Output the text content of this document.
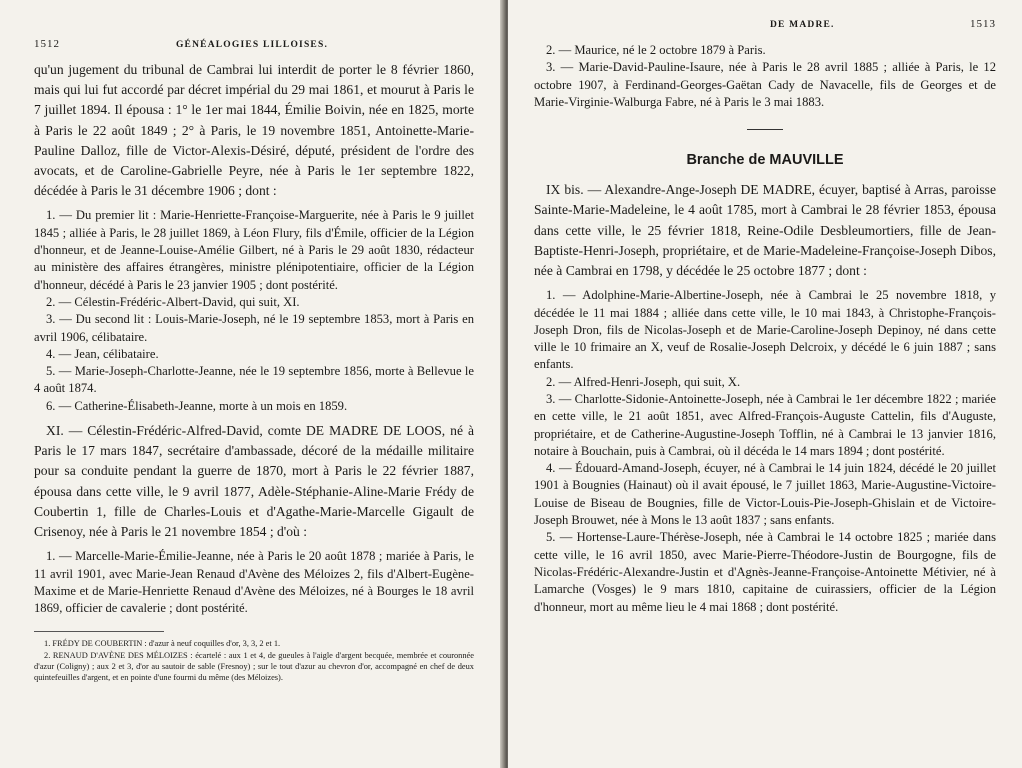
1512	GÉNÉALOGIES LILLOISES.

qu'un jugement du tribunal de Cambrai lui interdit de porter le 8 février 1860, mais qui lui fut accordé par décret impérial du 29 mai 1861, et mourut à Paris le 7 juillet 1894. Il épousa : 1° le 1er mai 1844, Émilie Boivin, née en 1825, morte à Paris le 22 août 1849 ; 2° à Paris, le 19 novembre 1851, Antoinette-Marie-Pauline Dalloz, fille de Victor-Alexis-Désiré, député, président de l'ordre des avocats, et de Caroline-Gabrielle Peyre, née à Paris le 1er septembre 1822, décédée à Paris le 31 décembre 1906 ; dont :

1. — Du premier lit : Marie-Henriette-Françoise-Marguerite, née à Paris le 9 juillet 1845 ; alliée à Paris, le 28 juillet 1869, à Léon Flury, fils d'Émile, officier de la Légion d'honneur, et de Jeanne-Louise-Amélie Gilbert, né à Paris le 29 août 1830, rédacteur au ministère des affaires étrangères, ministre plénipotentiaire, officier de la Légion d'honneur, décédé à Paris le 23 janvier 1905 ; dont postérité.

2. — Célestin-Frédéric-Albert-David, qui suit, XI.

3. — Du second lit : Louis-Marie-Joseph, né le 19 septembre 1853, mort à Paris en avril 1906, célibataire.

4. — Jean, célibataire.

5. — Marie-Joseph-Charlotte-Jeanne, née le 19 septembre 1856, morte à Bellevue le 4 août 1874.

6. — Catherine-Élisabeth-Jeanne, morte à un mois en 1859.

XI. — Célestin-Frédéric-Alfred-David, comte DE MADRE DE LOOS, né à Paris le 17 mars 1847, secrétaire d'ambassade, décoré de la médaille militaire pour sa conduite pendant la guerre de 1870, mort à Paris le 22 février 1887, épousa dans cette ville, le 9 avril 1877, Adèle-Stéphanie-Aline-Marie Frédy de Coubertin 1, fille de Charles-Louis et d'Agathe-Marie-Marcelle Gigault de Crisenoy, née à Paris le 21 novembre 1854 ; d'où :

1. — Marcelle-Marie-Émilie-Jeanne, née à Paris le 20 août 1878 ; mariée à Paris, le 11 avril 1901, avec Marie-Jean Renaud d'Avène des Méloizes 2, fils d'Albert-Eugène-Maxime et de Marie-Henriette Renaud d'Avène des Méloizes, né à Bourges le 18 avril 1869, officier de cavalerie ; dont postérité.

1. FRÉDY DE COUBERTIN : d'azur à neuf coquilles d'or, 3, 3, 2 et 1.

2. RENAUD D'AVÈNE DES MÉLOIZES : écartelé : aux 1 et 4, de gueules à l'aigle d'argent becquée, membrée et couronnée d'azur (Coligny) ; aux 2 et 3, d'or au sautoir de sable (Fresnoy) ; sur le tout d'azur au chevron d'or, accompagné en chef de deux quintefeuilles d'argent, et en pointe d'une fourmi du même (des Méloizes).

DE MADRE.	1513

2. — Maurice, né le 2 octobre 1879 à Paris.

3. — Marie-David-Pauline-Isaure, née à Paris le 28 avril 1885 ; alliée à Paris, le 12 octobre 1907, à Ferdinand-Georges-Gaëtan Cady de Navacelle, fils de Georges et de Marie-Virginie-Walburga Fabre, né à Paris le 3 mai 1883.

Branche de MAUVILLE

IX bis. — Alexandre-Ange-Joseph DE MADRE, écuyer, baptisé à Arras, paroisse Sainte-Marie-Madeleine, le 4 août 1785, mort à Cambrai le 28 février 1853, épousa dans cette ville, le 25 février 1818, Reine-Odile Desbleumortiers, fille de Jean-Baptiste-Henri-Joseph, propriétaire, et de Marie-Madeleine-Françoise-Joseph Dibos, née à Cambrai en 1798, y décédée le 25 octobre 1877 ; dont :

1. — Adolphine-Marie-Albertine-Joseph, née à Cambrai le 25 novembre 1818, y décédée le 11 mai 1884 ; alliée dans cette ville, le 10 mai 1843, à Christophe-François-Joseph Dron, fils de Nicolas-Joseph et de Marie-Caroline-Joseph Depinoy, né dans cette ville le 10 frimaire an X, veuf de Rosalie-Joseph Delcroix, y décédé le 6 juin 1887 ; sans enfants.

2. — Alfred-Henri-Joseph, qui suit, X.

3. — Charlotte-Sidonie-Antoinette-Joseph, née à Cambrai le 1er décembre 1822 ; mariée en cette ville, le 21 août 1851, avec Alfred-François-Auguste Cattelin, fils d'Auguste, propriétaire, et de Catherine-Augustine-Joseph Tofflin, né à Cambrai le 13 janvier 1816, notaire à Bouchain, puis à Cambrai, où il décéda le 14 mars 1894 ; dont postérité.

4. — Édouard-Amand-Joseph, écuyer, né à Cambrai le 14 juin 1824, décédé le 20 juillet 1901 à Bougnies (Hainaut) où il avait épousé, le 7 juillet 1863, Marie-Augustine-Victoire-Louise de Biseau de Bougnies, fille de Victor-Louis-Pie-Joseph-Ghislain et de Victoire-Joseph Brouwet, née à Mons le 13 août 1837 ; sans enfants.

5. — Hortense-Laure-Thérèse-Joseph, née à Cambrai le 14 octobre 1825 ; mariée dans cette ville, le 16 avril 1850, avec Marie-Pierre-Théodore-Justin de Bourgogne, fils de Nicolas-Frédéric-Alexandre-Justin et d'Agnès-Jeanne-Françoise-Antoinette Métivier, né à Lamarche (Vosges) le 9 mars 1810, capitaine de cuirassiers, officier de la Légion d'honneur, mort au même lieu le 4 mai 1868 ; dont postérité.
